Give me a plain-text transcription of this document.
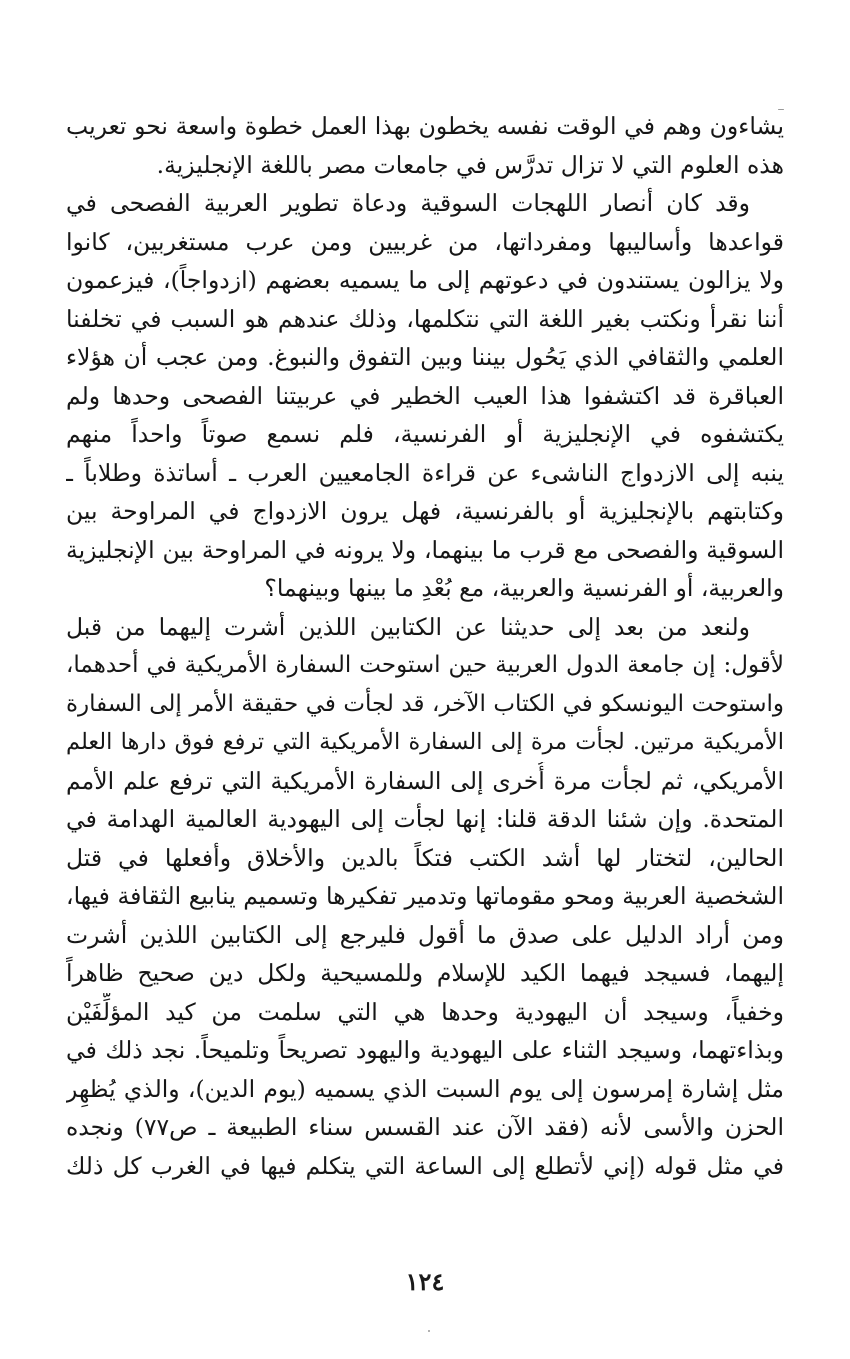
يشاءون وهم في الوقت نفسه يخطون بهذا العمل خطوة واسعة نحو تعريب
هذه العلوم التي لا تزال تدرَّس في جامعات مصر باللغة الإنجليزية.
وقد كان أنصار اللهجات السوقية ودعاة تطوير العربية الفصحى في
قواعدها وأساليبها ومفرداتها، من غربيين ومن عرب مستغربين، كانوا
ولا يزالون يستندون في دعوتهم إلى ما يسميه بعضهم (ازدواجاً)، فيزعمون
أننا نقرأ ونكتب بغير اللغة التي نتكلمها، وذلك عندهم هو السبب في تخلفنا
العلمي والثقافي الذي يَحُول بيننا وبين التفوق والنبوغ. ومن عجب أن هؤلاء
العباقرة قد اكتشفوا هذا العيب الخطير في عربيتنا الفصحى وحدها ولم
يكتشفوه في الإنجليزية أو الفرنسية، فلم نسمع صوتاً واحداً منهم
ينبه إلى الازدواج الناشىء عن قراءة الجامعيين العرب ـ أساتذة وطلاباً ـ
وكتابتهم بالإنجليزية أو بالفرنسية، فهل يرون الازدواج في المراوحة بين
السوقية والفصحى مع قرب ما بينهما، ولا يرونه في المراوحة بين الإنجليزية
والعربية، أو الفرنسية والعربية، مع بُعْدِ ما بينها وبينهما؟
ولنعد من بعد إلى حديثنا عن الكتابين اللذين أشرت إليهما من قبل
لأقول: إن جامعة الدول العربية حين استوحت السفارة الأمريكية في أحدهما،
واستوحت اليونسكو في الكتاب الآخر، قد لجأت في حقيقة الأمر إلى السفارة
الأمريكية مرتين. لجأت مرة إلى السفارة الأمريكية التي ترفع فوق دارها العلم
الأمريكي، ثم لجأت مرة أُخرى إلى السفارة الأمريكية التي ترفع علم الأمم
المتحدة. وإن شئنا الدقة قلنا: إنها لجأت إلى اليهودية العالمية الهدامة في
الحالين، لتختار لها أشد الكتب فتكاً بالدين والأخلاق وأفعلها في قتل
الشخصية العربية ومحو مقوماتها وتدمير تفكيرها وتسميم ينابيع الثقافة فيها،
ومن أراد الدليل على صدق ما أقول فليرجع إلى الكتابين اللذين أشرت
إليهما، فسيجد فيهما الكيد للإسلام وللمسيحية ولكل دين صحيح ظاهراً
وخفياً، وسيجد أن اليهودية وحدها هي التي سلمت من كيد المؤلِّفَيْن
وبذاءتهما، وسيجد الثناء على اليهودية واليهود تصريحاً وتلميحاً. نجد ذلك في
مثل إشارة إمرسون إلى يوم السبت الذي يسميه (يوم الدين)، والذي يُظهِر
الحزن والأسى لأنه (فقد الآن عند القسس سناء الطبيعة ـ ص٧٧) ونجده
في مثل قوله (إني لأتطلع إلى الساعة التي يتكلم فيها في الغرب كل ذلك
١٢٤
